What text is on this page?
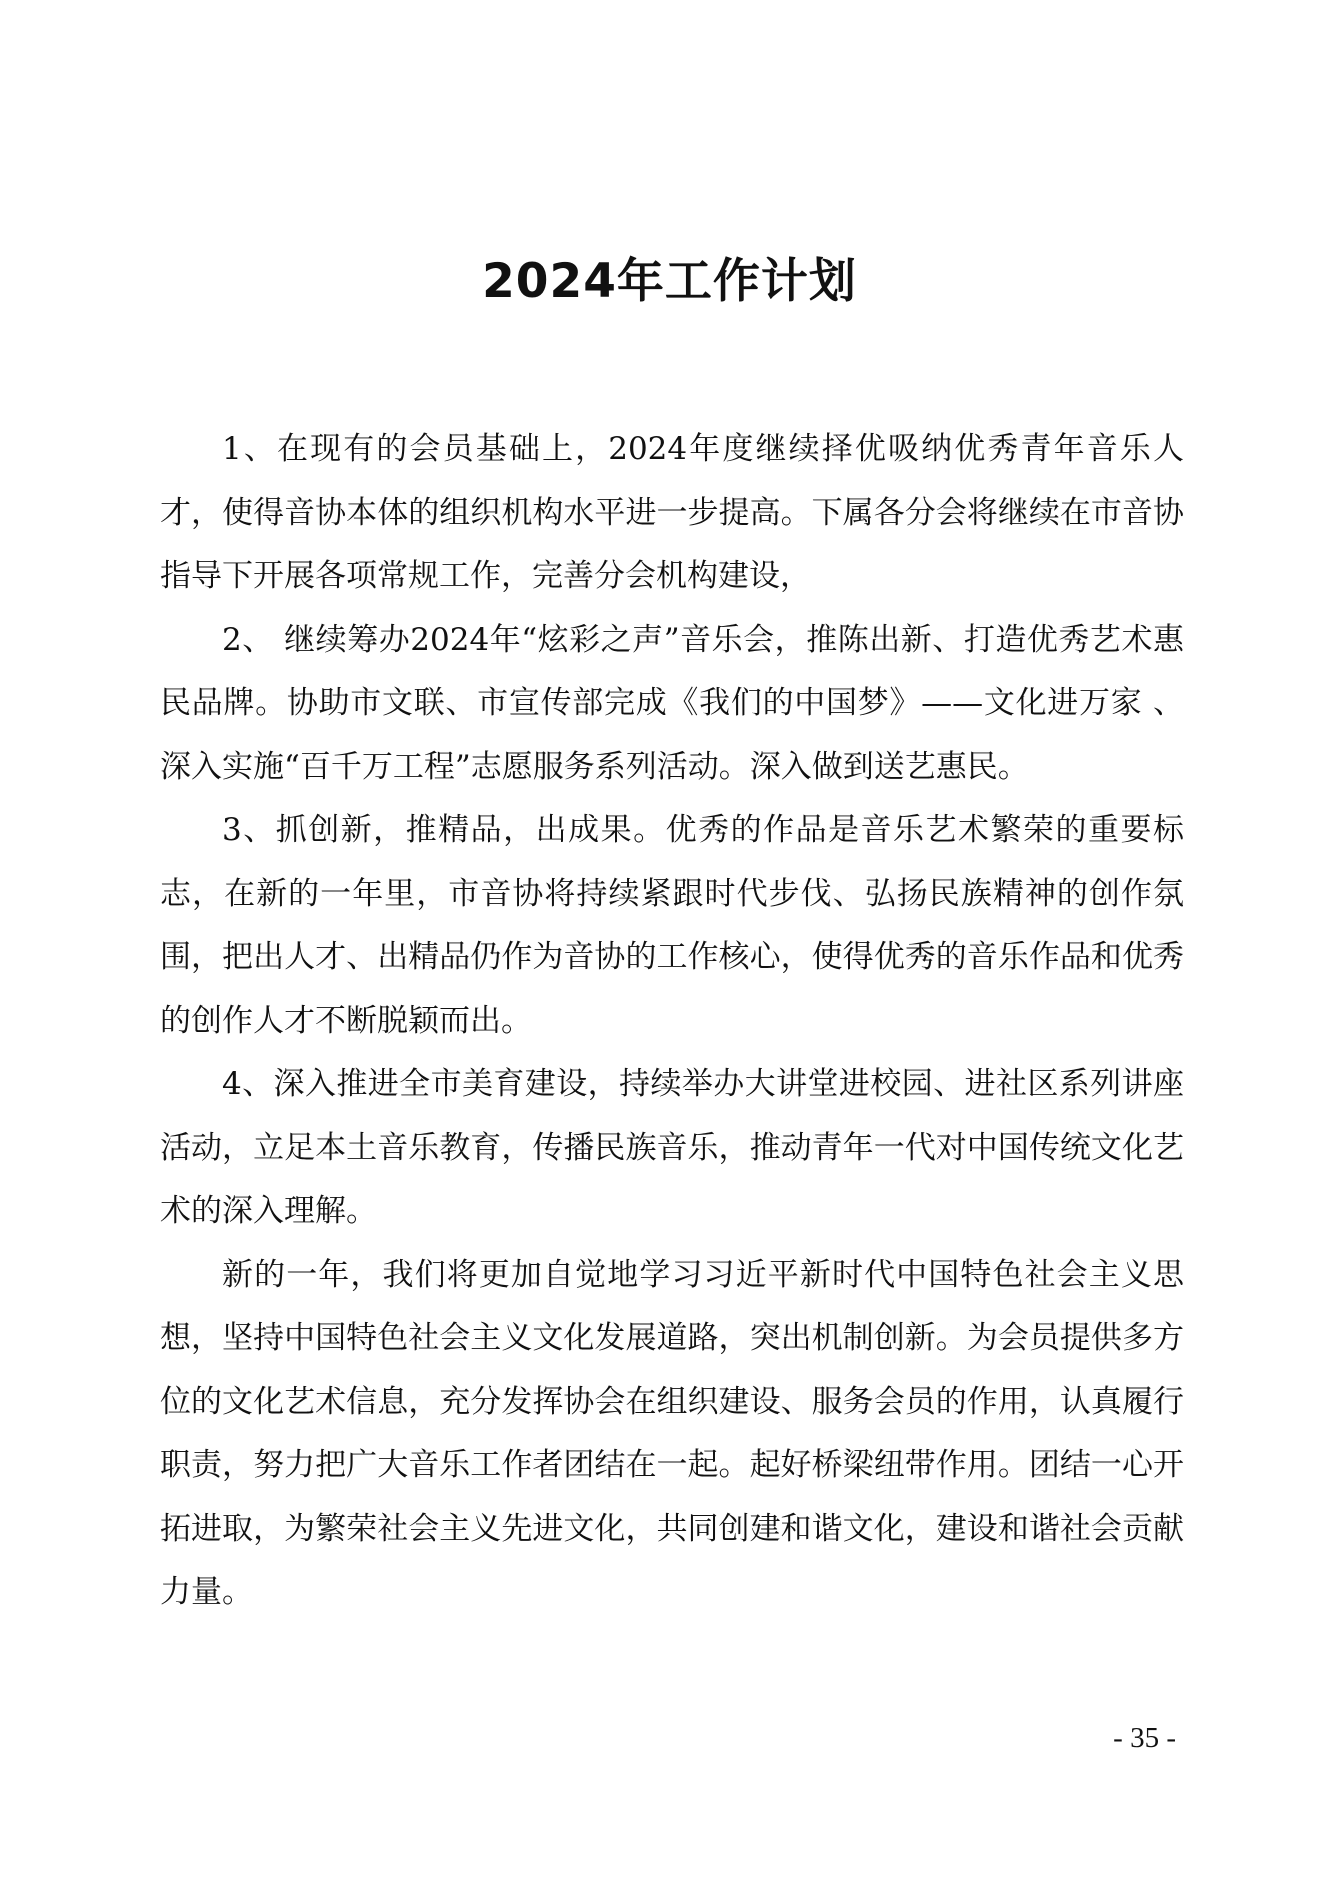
2024年工作计划

1、在现有的会员基础上，2024年度继续择优吸纳优秀青年音乐人才，使得音协本体的组织机构水平进一步提高。下属各分会将继续在市音协指导下开展各项常规工作，完善分会机构建设，

2、 继续筹办2024年“炫彩之声”音乐会，推陈出新、打造优秀艺术惠民品牌。协助市文联、市宣传部完成《我们的中国梦》——文化进万家 、深入实施“百千万工程”志愿服务系列活动。深入做到送艺惠民。

3、抓创新，推精品，出成果。优秀的作品是音乐艺术繁荣的重要标志，在新的一年里，市音协将持续紧跟时代步伐、弘扬民族精神的创作氛围，把出人才、出精品仍作为音协的工作核心，使得优秀的音乐作品和优秀的创作人才不断脱颖而出。

4、深入推进全市美育建设，持续举办大讲堂进校园、进社区系列讲座活动，立足本土音乐教育，传播民族音乐，推动青年一代对中国传统文化艺术的深入理解。

新的一年，我们将更加自觉地学习习近平新时代中国特色社会主义思想，坚持中国特色社会主义文化发展道路，突出机制创新。为会员提供多方位的文化艺术信息，充分发挥协会在组织建设、服务会员的作用，认真履行职责，努力把广大音乐工作者团结在一起。起好桥梁纽带作用。团结一心开拓进取，为繁荣社会主义先进文化，共同创建和谐文化，建设和谐社会贡献力量。

- 35 -
